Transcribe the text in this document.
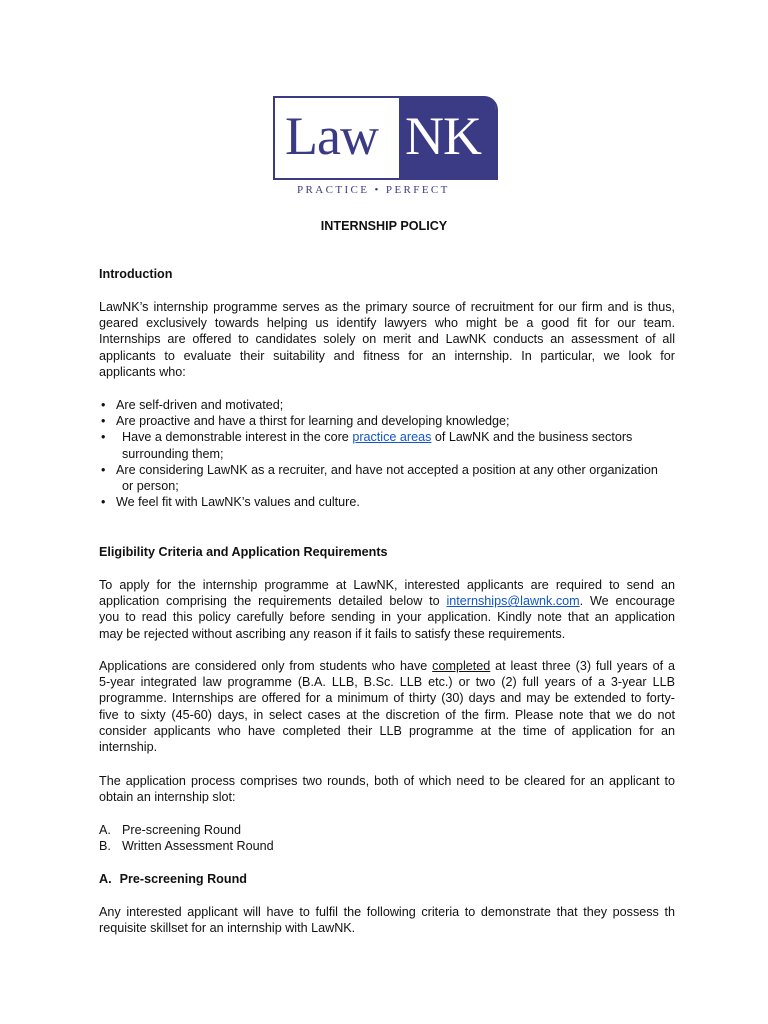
Law NK
PRACTICE • PERFECT
INTERNSHIP POLICY
Introduction
LawNK’s internship programme serves as the primary source of recruitment for our firm and is thus,
geared exclusively towards helping us identify lawyers who might be a good fit for our team.
Internships are offered to candidates solely on merit and LawNK conducts an assessment of all
applicants to evaluate their suitability and fitness for an internship. In particular, we look for
applicants who:
• Are self-driven and motivated;
• Are proactive and have a thirst for learning and developing knowledge;
• Have a demonstrable interest in the core practice areas of LawNK and the business sectors
surrounding them;
• Are considering LawNK as a recruiter, and have not accepted a position at any other organization
or person;
• We feel fit with LawNK’s values and culture.
Eligibility Criteria and Application Requirements
To apply for the internship programme at LawNK, interested applicants are required to send an
application comprising the requirements detailed below to internships@lawnk.com. We encourage
you to read this policy carefully before sending in your application. Kindly note that an application
may be rejected without ascribing any reason if it fails to satisfy these requirements.
Applications are considered only from students who have completed at least three (3) full years of a
5-year integrated law programme (B.A. LLB, B.Sc. LLB etc.) or two (2) full years of a 3-year LLB
programme. Internships are offered for a minimum of thirty (30) days and may be extended to forty-
five to sixty (45-60) days, in select cases at the discretion of the firm. Please note that we do not
consider applicants who have completed their LLB programme at the time of application for an
internship.
The application process comprises two rounds, both of which need to be cleared for an applicant to
obtain an internship slot:
A. Pre-screening Round
B. Written Assessment Round
A. Pre-screening Round
Any interested applicant will have to fulfil the following criteria to demonstrate that they possess th
requisite skillset for an internship with LawNK.
